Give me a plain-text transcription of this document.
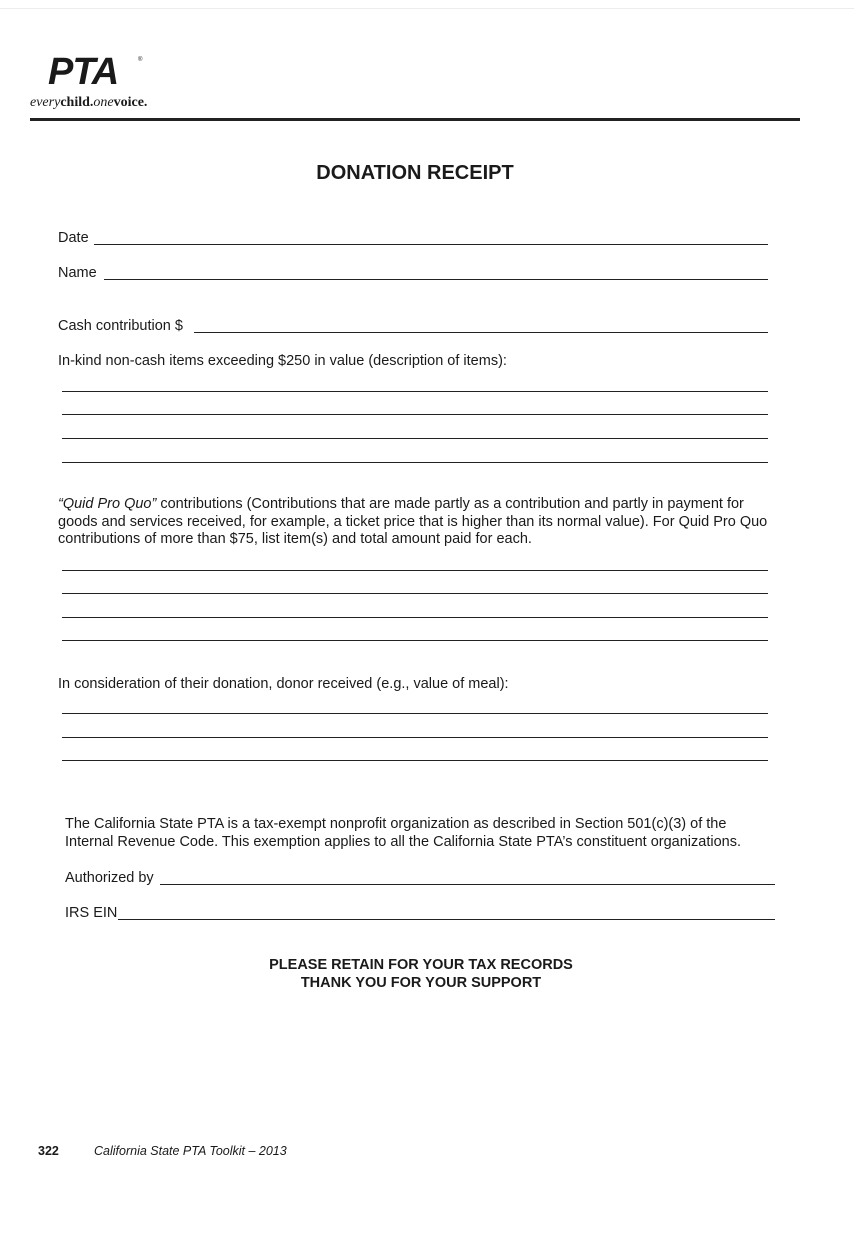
PTA	®
everychild.onevoice.
DONATION RECEIPT
Date
Name
Cash contribution $
In-kind non-cash items exceeding $250 in value (description of items):
“Quid Pro Quo” contributions (Contributions that are made partly as a contribution and partly in payment for goods and services received, for example, a ticket price that is higher than its normal value). For Quid Pro Quo contributions of more than $75, list item(s) and total amount paid for each.
In consideration of their donation, donor received (e.g., value of meal):
The California State PTA is a tax-exempt nonprofit organization as described in Section 501(c)(3) of the Internal Revenue Code. This exemption applies to all the California State PTA’s constituent organizations.
Authorized by
IRS EIN
PLEASE RETAIN FOR YOUR TAX RECORDS
THANK YOU FOR YOUR SUPPORT
322	California State PTA Toolkit – 2013
